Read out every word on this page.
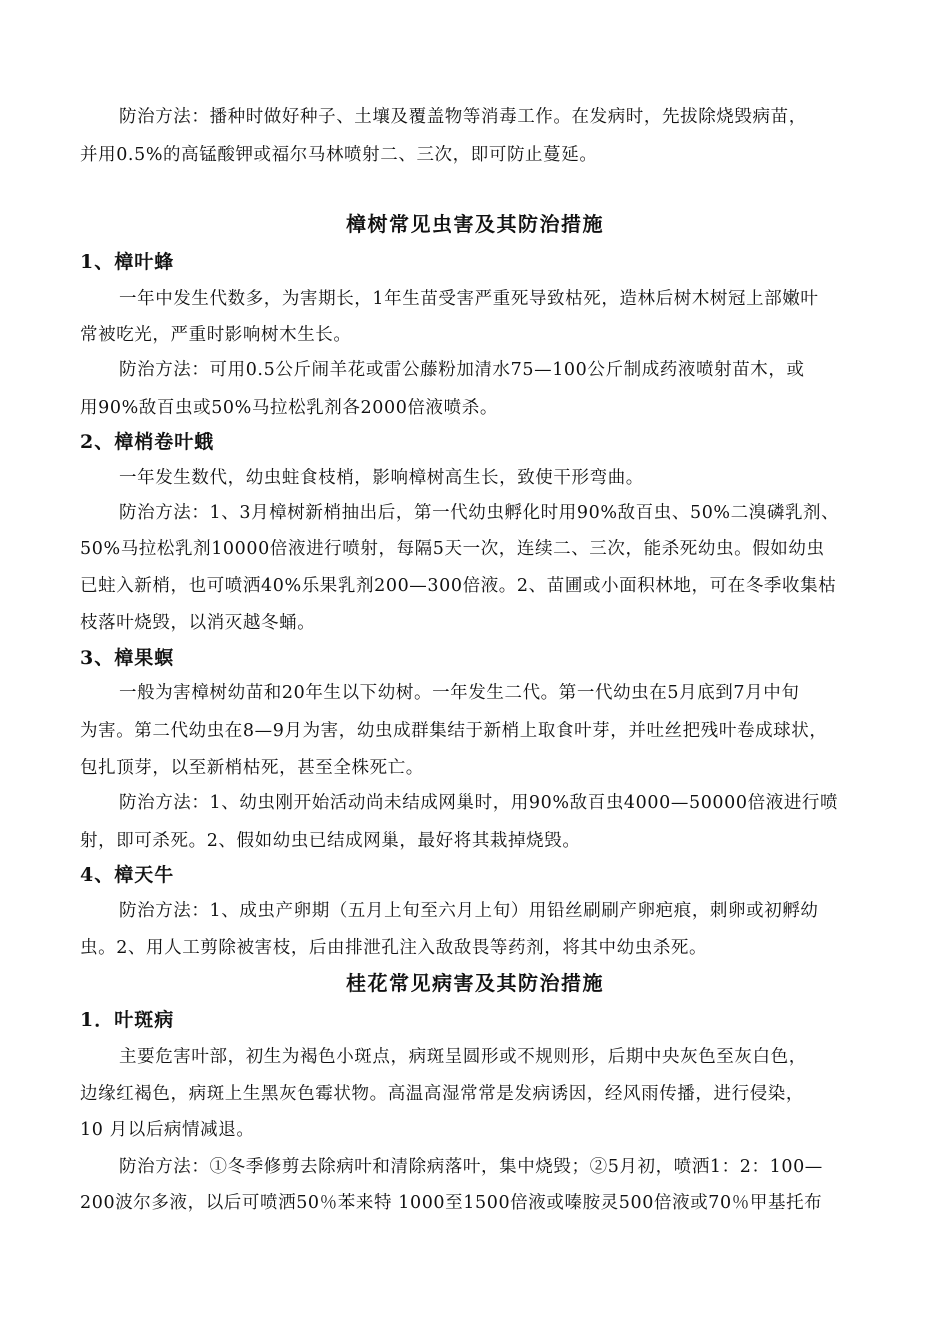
防治方法：播种时做好种子、土壤及覆盖物等消毒工作。在发病时，先拔除烧毁病苗，
并用0.5%的高锰酸钾或福尔马林喷射二、三次，即可防止蔓延。
樟树常见虫害及其防治措施
1、樟叶蜂
一年中发生代数多，为害期长，1年生苗受害严重死导致枯死，造林后树木树冠上部嫩叶
常被吃光，严重时影响树木生长。
防治方法：可用0.5公斤闹羊花或雷公藤粉加清水75—100公斤制成药液喷射苗木，或
用90%敌百虫或50%马拉松乳剂各2000倍液喷杀。
2、樟梢卷叶蛾
一年发生数代，幼虫蛀食枝梢，影响樟树高生长，致使干形弯曲。
防治方法：1、3月樟树新梢抽出后，第一代幼虫孵化时用90%敌百虫、50%二溴磷乳剂、
50%马拉松乳剂10000倍液进行喷射，每隔5天一次，连续二、三次，能杀死幼虫。假如幼虫
已蛀入新梢，也可喷洒40%乐果乳剂200—300倍液。2、苗圃或小面积林地，可在冬季收集枯
枝落叶烧毁，以消灭越冬蛹。
3、樟果螟
一般为害樟树幼苗和20年生以下幼树。一年发生二代。第一代幼虫在5月底到7月中旬
为害。第二代幼虫在8—9月为害，幼虫成群集结于新梢上取食叶芽，并吐丝把残叶卷成球状，
包扎顶芽，以至新梢枯死，甚至全株死亡。
防治方法：1、幼虫刚开始活动尚未结成网巢时，用90%敌百虫4000—50000倍液进行喷
射，即可杀死。2、假如幼虫已结成网巢，最好将其栽掉烧毁。
4、樟天牛
防治方法：1、成虫产卵期（五月上旬至六月上旬）用铅丝刷刷产卵疤痕，刺卵或初孵幼
虫。2、用人工剪除被害枝，后由排泄孔注入敌敌畏等药剂，将其中幼虫杀死。
桂花常见病害及其防治措施
1．叶斑病
主要危害叶部，初生为褐色小斑点，病斑呈圆形或不规则形，后期中央灰色至灰白色，
边缘红褐色，病斑上生黑灰色霉状物。高温高湿常常是发病诱因，经风雨传播，进行侵染，
10 月以后病情减退。
防治方法：①冬季修剪去除病叶和清除病落叶，集中烧毁；②5月初，喷洒1：2：100—
200波尔多液，以后可喷洒50％苯来特 1000至1500倍液或嗪胺灵500倍液或70％甲基托布
